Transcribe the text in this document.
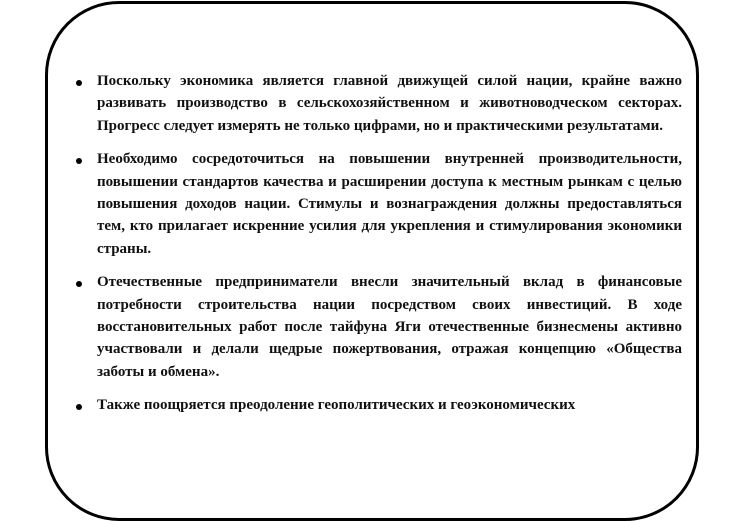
Поскольку экономика является главной движущей силой нации, крайне важно развивать производство в сельскохозяйственном и животноводческом секторах. Прогресс следует измерять не только цифрами, но и практическими результатами.
Необходимо сосредоточиться на повышении внутренней производительности, повышении стандартов качества и расширении доступа к местным рынкам с целью повышения доходов нации. Стимулы и вознаграждения должны предоставляться тем, кто прилагает искренние усилия для укрепления и стимулирования экономики страны.
Отечественные предприниматели внесли значительный вклад в финансовые потребности строительства нации посредством своих инвестиций. В ходе восстановительных работ после тайфуна Яги отечественные бизнесмены активно участвовали и делали щедрые пожертвования, отражая концепцию «Общества заботы и обмена».
Также поощряется преодоление геополитических и геоэкономических
